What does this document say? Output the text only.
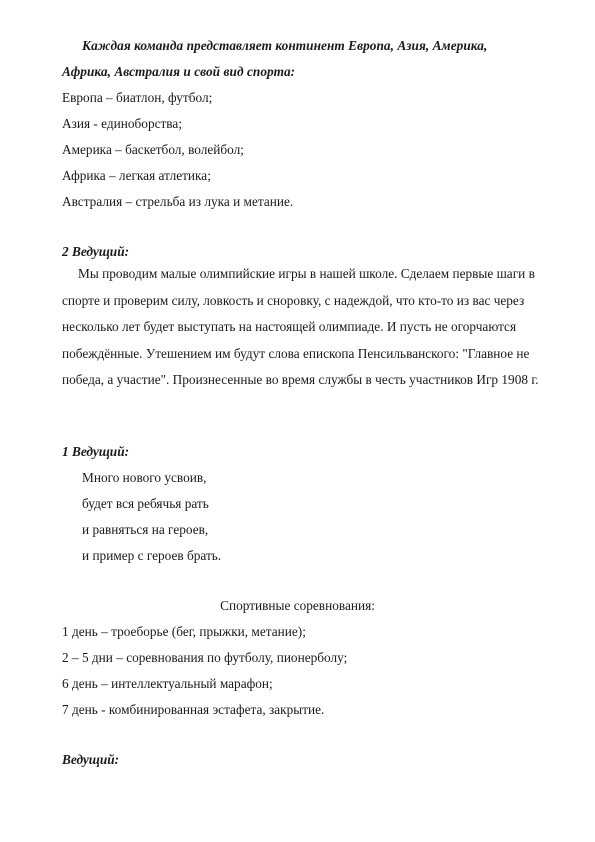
Каждая команда представляет континент Европа, Азия, Америка,
Африка, Австралия и свой вид спорта:
Европа – биатлон, футбол;
Азия - единоборства;
Америка – баскетбол, волейбол;
Африка – легкая атлетика;
Австралия – стрельба из лука и метание.
2 Ведущий:

Мы проводим малые олимпийские игры в нашей школе. Сделаем первые шаги в спорте и проверим силу, ловкость и сноровку, с надеждой, что кто-то из вас через несколько лет будет выступать на настоящей олимпиаде. И пусть не огорчаются побеждённые. Утешением им будут слова епископа Пенсильванского: "Главное не победа, а участие". Произнесенные во время службы в честь участников Игр 1908 г.

1 Ведущий:
Много нового усвоив,
будет вся ребячья рать
и равняться на героев,
и пример с героев брать.
Спортивные соревнования:
1 день – троеборье (бег, прыжки, метание);
2 – 5 дни – соревнования по футболу, пионерболу;
6 день – интеллектуальный марафон;
7 день - комбинированная эстафета, закрытие.
Ведущий:
